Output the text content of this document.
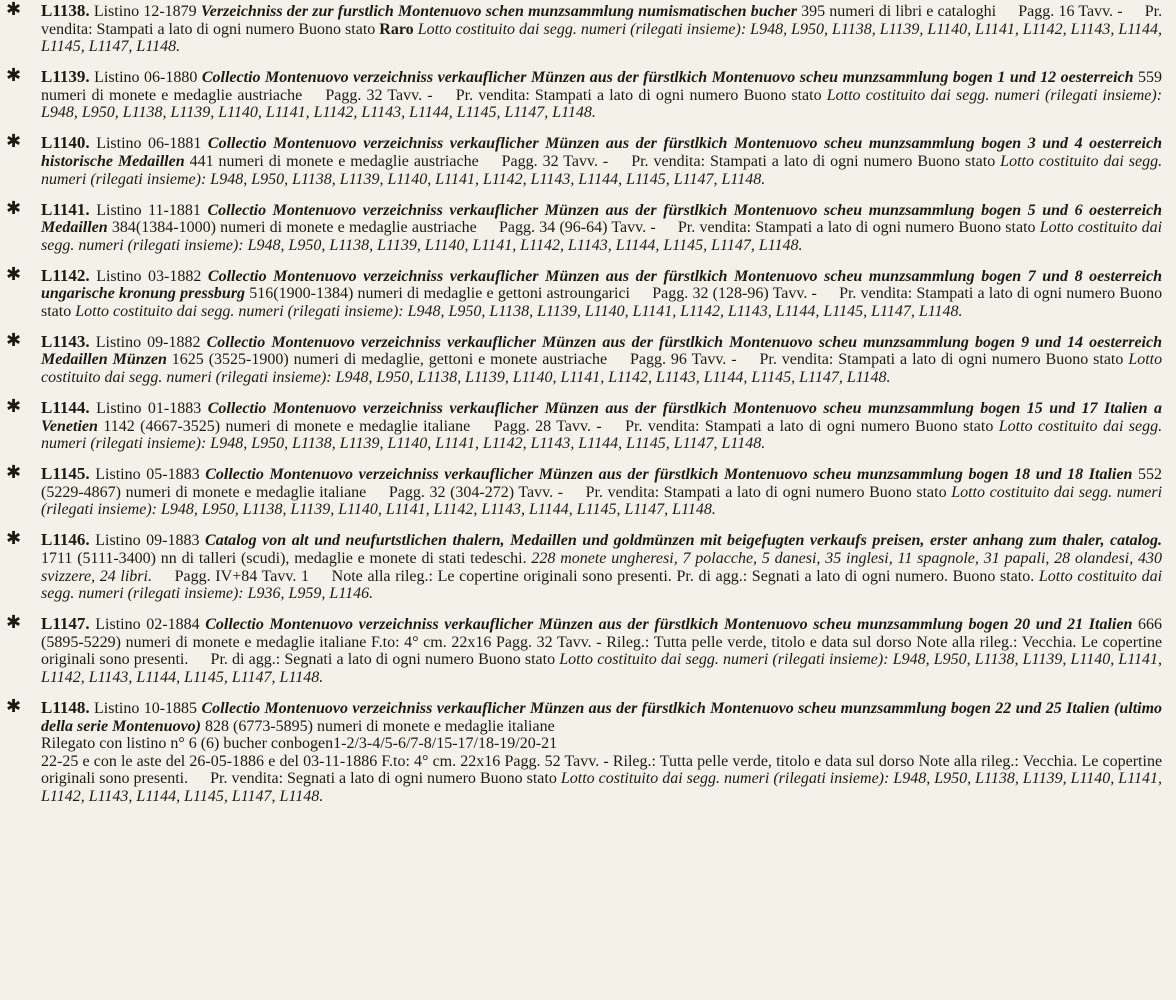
✱ L1138. Listino 12-1879 Verzeichniss der zur furstlich Montenuovo schen munzsammlung numismatischen bucher 395 numeri di libri e cataloghi Pagg. 16 Tavv. - Pr. vendita: Stampati a lato di ogni numero Buono stato Raro Lotto costituito dai segg. numeri (rilegati insieme): L948, L950, L1138, L1139, L1140, L1141, L1142, L1143, L1144, L1145, L1147, L1148.
✱ L1139. Listino 06-1880 Collectio Montenuovo verzeichniss verkauflicher Münzen aus der fürstlkich Montenuovo scheu munzsammlung bogen 1 und 12 oesterreich 559 numeri di monete e medaglie austriache Pagg. 32 Tavv. - Pr. vendita: Stampati a lato di ogni numero Buono stato Lotto costituito dai segg. numeri (rilegati insieme): L948, L950, L1138, L1139, L1140, L1141, L1142, L1143, L1144, L1145, L1147, L1148.
✱ L1140. Listino 06-1881 Collectio Montenuovo verzeichniss verkauflicher Münzen aus der fürstlkich Montenuovo scheu munzsammlung bogen 3 und 4 oesterreich historische Medaillen 441 numeri di monete e medaglie austriache Pagg. 32 Tavv. - Pr. vendita: Stampati a lato di ogni numero Buono stato Lotto costituito dai segg. numeri (rilegati insieme): L948, L950, L1138, L1139, L1140, L1141, L1142, L1143, L1144, L1145, L1147, L1148.
✱ L1141. Listino 11-1881 Collectio Montenuovo verzeichniss verkauflicher Münzen aus der fürstlkich Montenuovo scheu munzsammlung bogen 5 und 6 oesterreich Medaillen 384(1384-1000) numeri di monete e medaglie austriache Pagg. 34 (96-64) Tavv. - Pr. vendita: Stampati a lato di ogni numero Buono stato Lotto costituito dai segg. numeri (rilegati insieme): L948, L950, L1138, L1139, L1140, L1141, L1142, L1143, L1144, L1145, L1147, L1148.
✱ L1142. Listino 03-1882 Collectio Montenuovo verzeichniss verkauflicher Münzen aus der fürstlkich Montenuovo scheu munzsammlung bogen 7 und 8 oesterreich ungarische kronung pressburg 516(1900-1384) numeri di medaglie e gettoni astroungarici Pagg. 32 (128-96) Tavv. - Pr. vendita: Stampati a lato di ogni numero Buono stato Lotto costituito dai segg. numeri (rilegati insieme): L948, L950, L1138, L1139, L1140, L1141, L1142, L1143, L1144, L1145, L1147, L1148.
✱ L1143. Listino 09-1882 Collectio Montenuovo verzeichniss verkauflicher Münzen aus der fürstlkich Montenuovo scheu munzsammlung bogen 9 und 14 oesterreich Medaillen Münzen 1625 (3525-1900) numeri di medaglie, gettoni e monete austriache Pagg. 96 Tavv. - Pr. vendita: Stampati a lato di ogni numero Buono stato Lotto costituito dai segg. numeri (rilegati insieme): L948, L950, L1138, L1139, L1140, L1141, L1142, L1143, L1144, L1145, L1147, L1148.
✱ L1144. Listino 01-1883 Collectio Montenuovo verzeichniss verkauflicher Münzen aus der fürstlkich Montenuovo scheu munzsammlung bogen 15 und 17 Italien a Venetien 1142 (4667-3525) numeri di monete e medaglie italiane Pagg. 28 Tavv. - Pr. vendita: Stampati a lato di ogni numero Buono stato Lotto costituito dai segg. numeri (rilegati insieme): L948, L950, L1138, L1139, L1140, L1141, L1142, L1143, L1144, L1145, L1147, L1148.
✱ L1145. Listino 05-1883 Collectio Montenuovo verzeichniss verkauflicher Münzen aus der fürstlkich Montenuovo scheu munzsammlung bogen 18 und 18 Italien 552 (5229-4867) numeri di monete e medaglie italiane Pagg. 32 (304-272) Tavv. - Pr. vendita: Stampati a lato di ogni numero Buono stato Lotto costituito dai segg. numeri (rilegati insieme): L948, L950, L1138, L1139, L1140, L1141, L1142, L1143, L1144, L1145, L1147, L1148.
✱ L1146. Listino 09-1883 Catalog von alt und neufurtstlichen thalern, Medaillen und goldmünzen mit beigefugten verkaufs preisen, erster anhang zum thaler, catalog. 1711 (5111-3400) nn di talleri (scudi), medaglie e monete di stati tedeschi. 228 monete ungheresi, 7 polacche, 5 danesi, 35 inglesi, 11 spagnole, 31 papali, 28 olandesi, 430 svizzere, 24 libri. Pagg. IV+84 Tavv. 1 Note alla rileg.: Le copertine originali sono presenti. Pr. di agg.: Segnati a lato di ogni numero. Buono stato. Lotto costituito dai segg. numeri (rilegati insieme): L936, L959, L1146.
✱ L1147. Listino 02-1884 Collectio Montenuovo verzeichniss verkauflicher Münzen aus der fürstlkich Montenuovo scheu munzsammlung bogen 20 und 21 Italien 666 (5895-5229) numeri di monete e medaglie italiane F.to: 4° cm. 22x16 Pagg. 32 Tavv. - Rileg.: Tutta pelle verde, titolo e data sul dorso Note alla rileg.: Vecchia. Le copertine originali sono presenti. Pr. di agg.: Segnati a lato di ogni numero Buono stato Lotto costituito dai segg. numeri (rilegati insieme): L948, L950, L1138, L1139, L1140, L1141, L1142, L1143, L1144, L1145, L1147, L1148.
✱ L1148. Listino 10-1885 Collectio Montenuovo verzeichniss verkauflicher Münzen aus der fürstlkich Montenuovo scheu munzsammlung bogen 22 und 25 Italien (ultimo della serie Montenuovo) 828 (6773-5895) numeri di monete e medaglie italiane
Rilegato con listino n° 6 (6) bucher conbogen1-2/3-4/5-6/7-8/15-17/18-19/20-21
22-25 e con le aste del 26-05-1886 e del 03-11-1886 F.to: 4° cm. 22x16 Pagg. 52 Tavv. - Rileg.: Tutta pelle verde, titolo e data sul dorso Note alla rileg.: Vecchia. Le copertine originali sono presenti. Pr. vendita: Segnati a lato di ogni numero Buono stato Lotto costituito dai segg. numeri (rilegati insieme): L948, L950, L1138, L1139, L1140, L1141, L1142, L1143, L1144, L1145, L1147, L1148.
